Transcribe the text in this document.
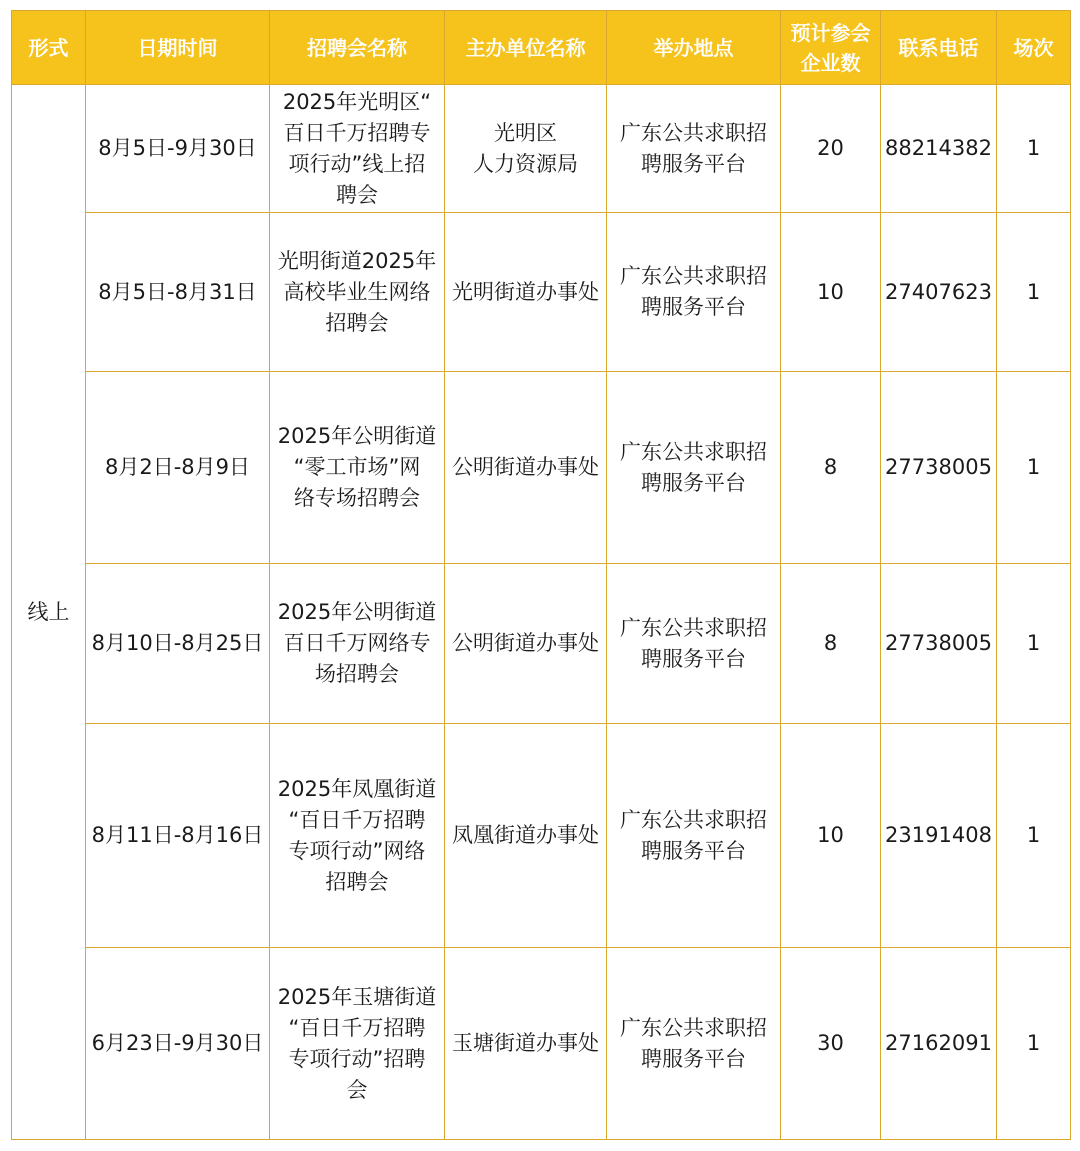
形式	日期时间	招聘会名称	主办单位名称	举办地点	预计参会
企业数	联系电话	场次
线上	8月5日-9月30日	2025年光明区“
百日千万招聘专
项行动”线上招
聘会	光明区
人力资源局	广东公共求职招
聘服务平台	20	88214382	1
	8月5日-8月31日	光明街道2025年
高校毕业生网络
招聘会	光明街道办事处	广东公共求职招
聘服务平台	10	27407623	1
	8月2日-8月9日	2025年公明街道
“零工市场”网
络专场招聘会	公明街道办事处	广东公共求职招
聘服务平台	8	27738005	1
	8月10日-8月25日	2025年公明街道
百日千万网络专
场招聘会	公明街道办事处	广东公共求职招
聘服务平台	8	27738005	1
	8月11日-8月16日	2025年凤凰街道
“百日千万招聘
专项行动”网络
招聘会	凤凰街道办事处	广东公共求职招
聘服务平台	10	23191408	1
	6月23日-9月30日	2025年玉塘街道
“百日千万招聘
专项行动”招聘
会	玉塘街道办事处	广东公共求职招
聘服务平台	30	27162091	1
